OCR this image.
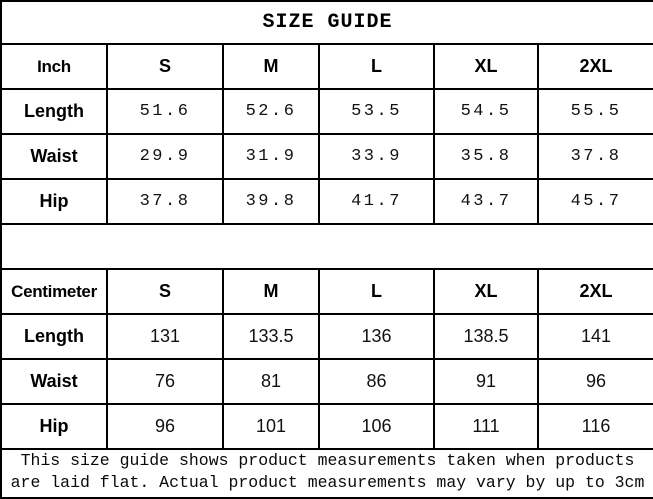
SIZE GUIDE					
Inch	S	M	L	XL	2XL
Length	51.6	52.6	53.5	54.5	55.5
Waist	29.9	31.9	33.9	35.8	37.8
Hip	37.8	39.8	41.7	43.7	45.7

Centimeter	S	M	L	XL	2XL
Length	131	133.5	136	138.5	141
Waist	76	81	86	91	96
Hip	96	101	106	111	116
This size guide shows product measurements taken when products are laid flat. Actual product measurements may vary by up to 3cm					
